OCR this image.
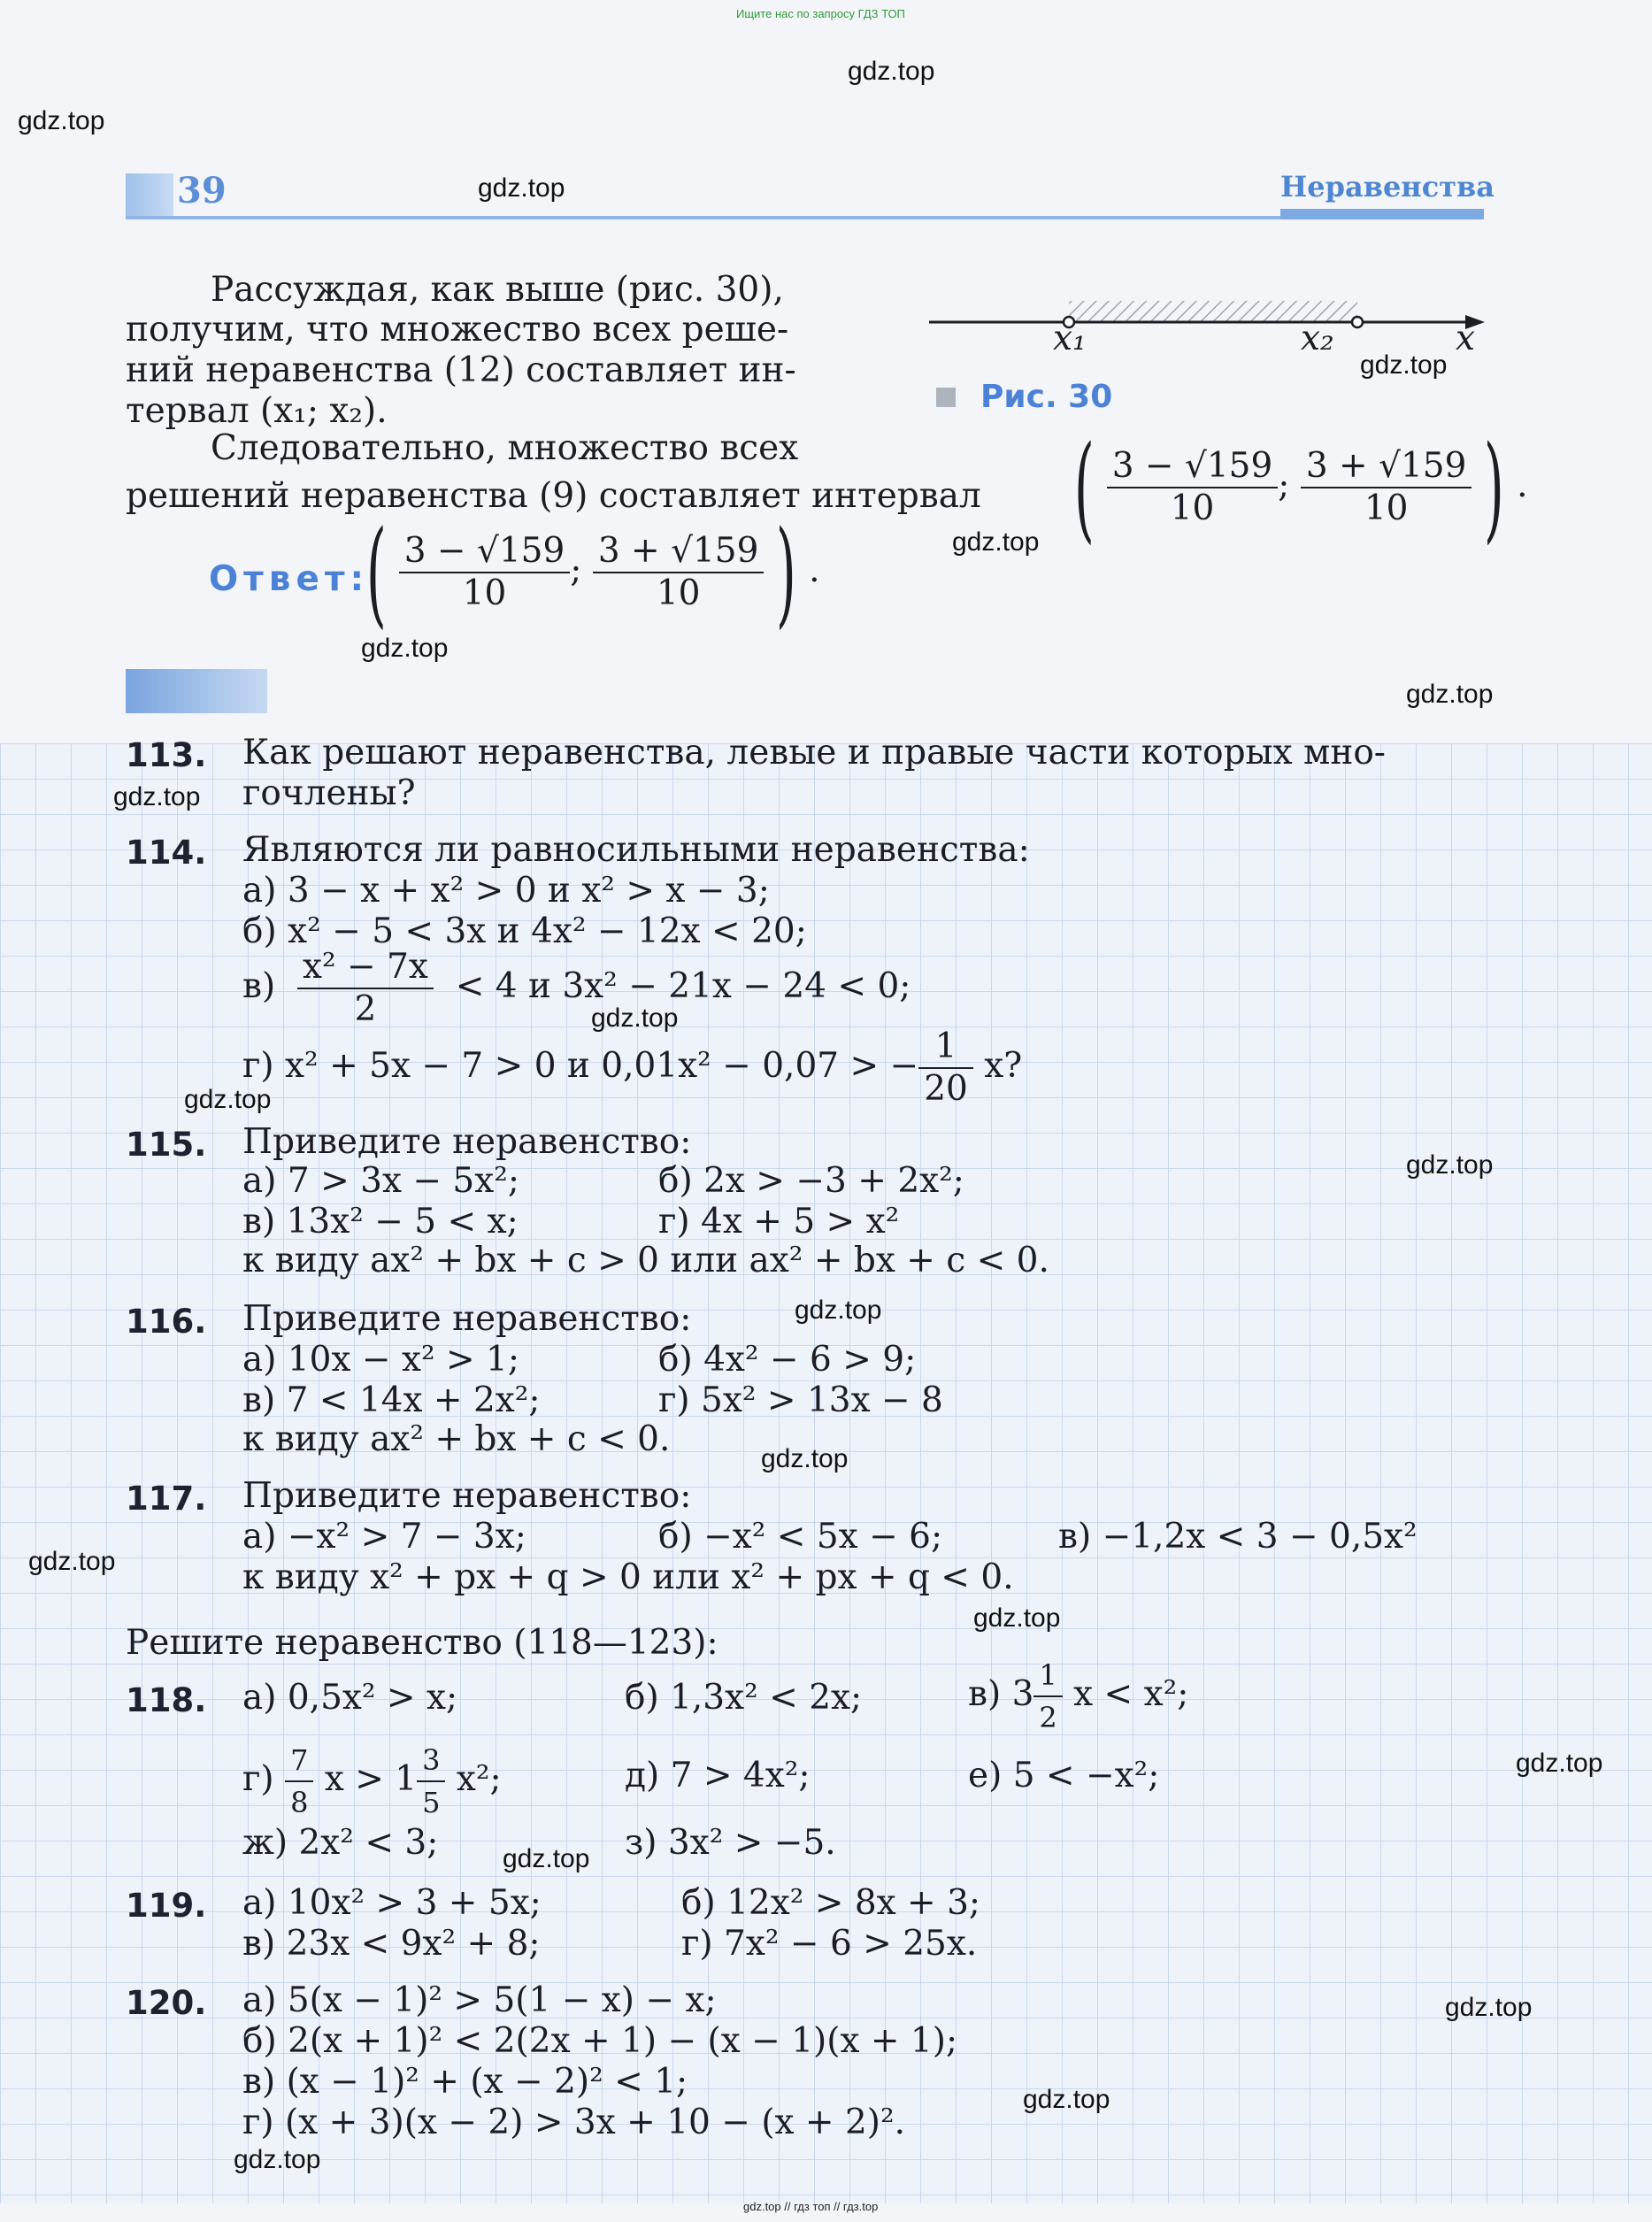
Ищите нас по запросу ГДЗ ТОП
gdz.top // гдз топ // гдз.top
gdz.top
gdz.top
gdz.top
gdz.top
gdz.top
gdz.top
gdz.top
gdz.top
gdz.top
gdz.top
gdz.top
gdz.top
gdz.top
gdz.top
gdz.top
gdz.top
gdz.top
gdz.top
gdz.top
gdz.top
39	Неравенства
x₁	x₂	x
Рис. 30
Рассуждая, как выше (рис. 30),
получим, что множество всех реше-
ний неравенства (12) составляет ин-
тервал (x₁; x₂).
Следовательно, множество всех
решений неравенства (9) составляет интервал ( $\frac{3 - √159}{10}$ ; $\frac{3 + √159}{10}$ ) .
Ответ:
( $\frac{3 - √159}{10}$ ; $\frac{3 + √159}{10}$ ) .
113. Как решают неравенства, левые и правые части которых мно-
гочлены?
114. Являются ли равносильными неравенства:
а) 3 − x + x² > 0 и x² > x − 3;
б) x² − 5 < 3x и 4x² − 12x < 20;
$в) \frac{\text{x² − 7x}}{2} < 4$ и 3x² − 21x − 24 < 0;
г) x² + 5x − 7 > 0 и 0,01x² − 0,07 > − $\frac{1}{20} x$?
115. Приведите неравенство:
а) 7 > 3x − 5x²;	б) 2x > −3 + 2x²;
в) 13x² − 5 < x;	г) 4x + 5 > x²
к виду ax² + bx + c > 0 или ax² + bx + c < 0.
116. Приведите неравенство:
а) 10x − x² > 1;	б) 4x² − 6 > 9;
в) 7 < 14x + 2x²;	г) 5x² > 13x − 8
к виду ax² + bx + c < 0.
117. Приведите неравенство:
а) −x² > 7 − 3x;	б) −x² < 5x − 6;	в) −1,2x < 3 − 0,5x²
к виду x² + px + q > 0 или x² + px + q < 0.
Решите неравенство (118—123):
118. а) 0,5x² > x;	б) 1,3x² < 2x;	в) $3 \frac{1}{2}$ x < x²;
$г) \frac{7}{8}$ $x > 1 \frac{3}{5} x^2$;	д) 7 > 4x²;	е) 5 < −x²;
ж) 2x² < 3;	з) 3x² > −5.
119. а) 10x² > 3 + 5x;	б) 12x² > 8x + 3;
в) 23x < 9x² + 8;	г) 7x² − 6 > 25x.
120. а) 5(x − 1)² > 5(1 − x) − x;
б) 2(x + 1)² < 2(2x + 1) − (x − 1)(x + 1);
в) (x − 1)² + (x − 2)² < 1;
г) (x + 3)(x − 2) > 3x + 10 − (x + 2)².
